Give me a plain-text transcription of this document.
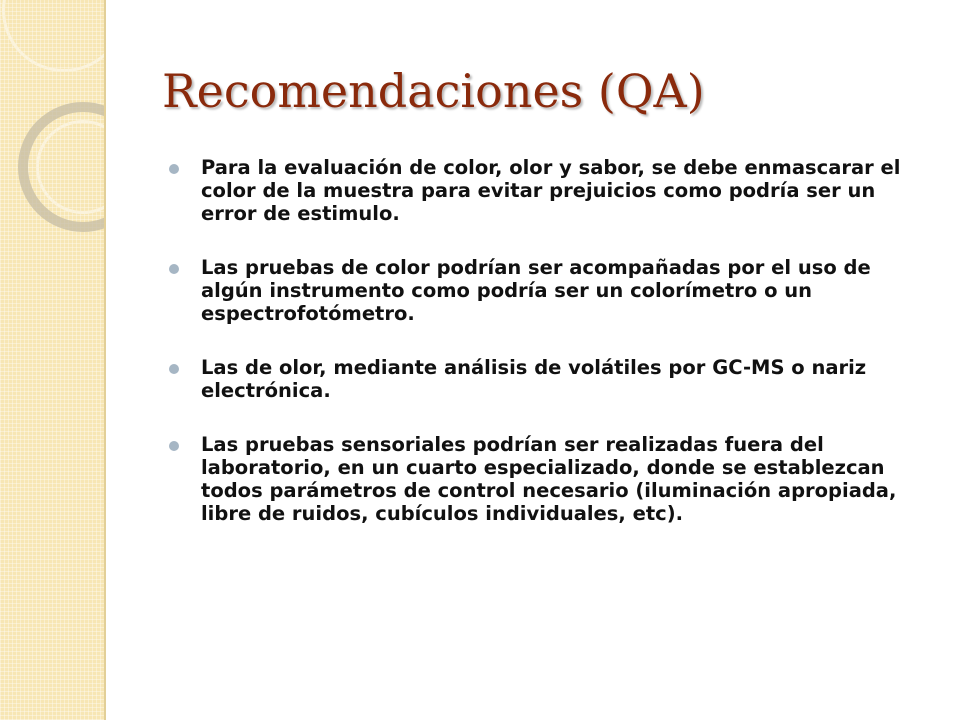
Recomendaciones (QA)
Para la evaluación de color, olor y sabor, se debe enmascarar el color de la muestra para evitar prejuicios como podría ser un error de estimulo.
Las pruebas de color podrían ser acompañadas por el uso de algún instrumento como podría ser un colorímetro o un espectrofotómetro.
Las de olor, mediante análisis de volátiles por GC-MS o nariz electrónica.
Las pruebas sensoriales podrían ser realizadas fuera del laboratorio, en un cuarto especializado, donde se establezcan todos parámetros de control necesario (iluminación apropiada, libre de ruidos, cubículos individuales, etc).
